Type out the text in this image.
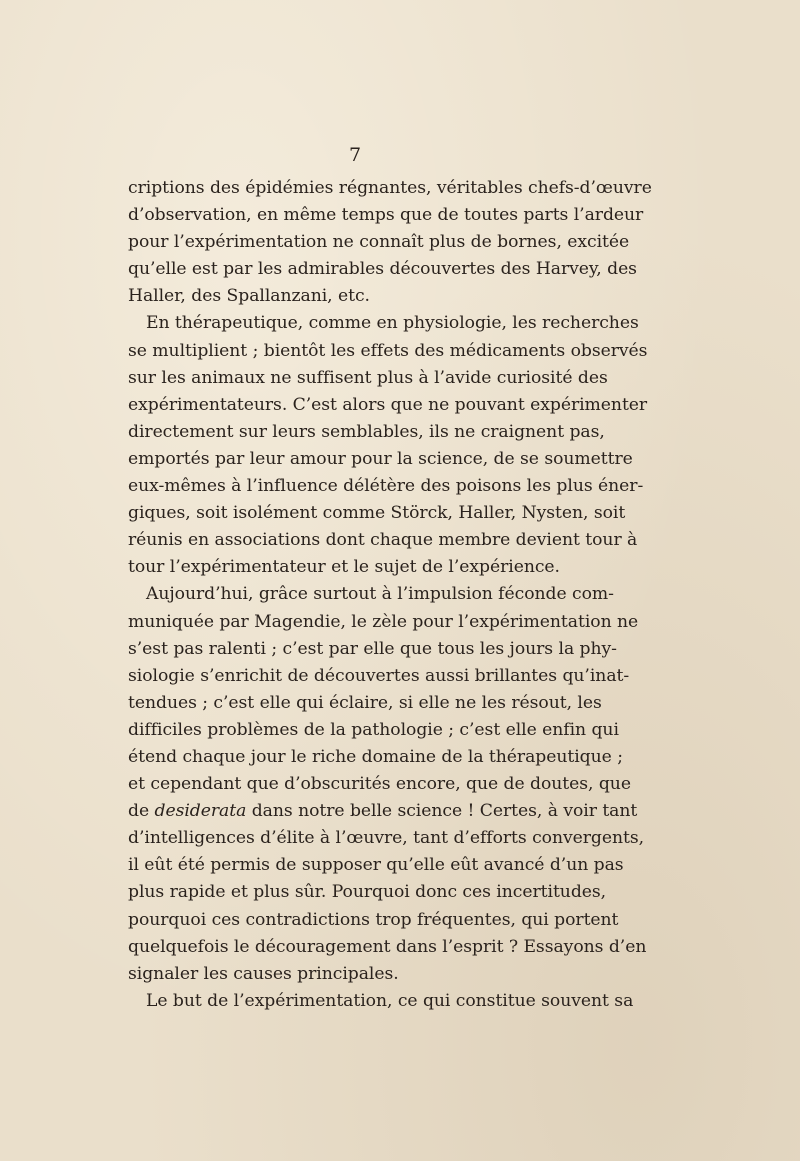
7
criptions des épidémies régnantes, véritables chefs-d’œuvre
d’observation, en même temps que de toutes parts l’ardeur
pour l’expérimentation ne connaît plus de bornes, excitée
qu’elle est par les admirables découvertes des Harvey, des
Haller, des Spallanzani, etc.
En thérapeutique, comme en physiologie, les recherches
se multiplient ; bientôt les effets des médicaments observés
sur les animaux ne suffisent plus à l’avide curiosité des
expérimentateurs. C’est alors que ne pouvant expérimenter
directement sur leurs semblables, ils ne craignent pas,
emportés par leur amour pour la science, de se soumettre
eux-mêmes à l’influence délétère des poisons les plus éner-
giques, soit isolément comme Störck, Haller, Nysten, soit
réunis en associations dont chaque membre devient tour à
tour l’expérimentateur et le sujet de l’expérience.
Aujourd’hui, grâce surtout à l’impulsion féconde com-
muniquée par Magendie, le zèle pour l’expérimentation ne
s’est pas ralenti ; c’est par elle que tous les jours la phy-
siologie s’enrichit de découvertes aussi brillantes qu’inat-
tendues ; c’est elle qui éclaire, si elle ne les résout, les
difficiles problèmes de la pathologie ; c’est elle enfin qui
étend chaque jour le riche domaine de la thérapeutique ;
et cependant que d’obscurités encore, que de doutes, que
de desiderata dans notre belle science ! Certes, à voir tant
d’intelligences d’élite à l’œuvre, tant d’efforts convergents,
il eût été permis de supposer qu’elle eût avancé d’un pas
plus rapide et plus sûr. Pourquoi donc ces incertitudes,
pourquoi ces contradictions trop fréquentes, qui portent
quelquefois le découragement dans l’esprit ? Essayons d’en
signaler les causes principales.
Le but de l’expérimentation, ce qui constitue souvent sa
